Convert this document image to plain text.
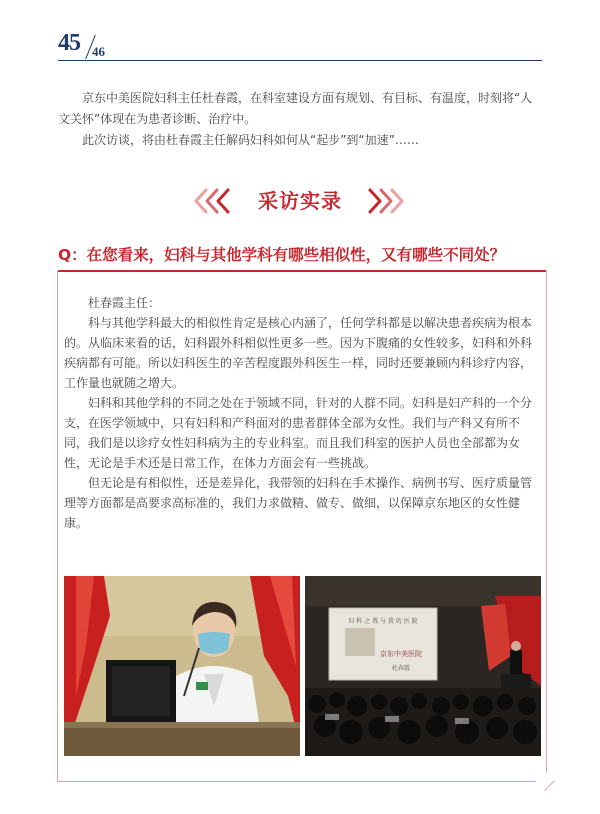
45 46

京东中美医院妇科主任杜春霞，在科室建设方面有规划、有目标、有温度，时刻将“人文关怀”体现在为患者诊断、治疗中。

此次访谈，将由杜春霞主任解码妇科如何从“起步”到“加速”……

采访实录
Q：在您看来，妇科与其他学科有哪些相似性，又有哪些不同处？

杜春霞主任：

科与其他学科最大的相似性肯定是核心内涵了，任何学科都是以解决患者疾病为根本的。从临床来看的话，妇科跟外科相似性更多一些。因为下腹痛的女性较多，妇科和外科疾病都有可能。所以妇科医生的辛苦程度跟外科医生一样，同时还要兼顾内科诊疗内容，工作量也就随之增大。

妇科和其他学科的不同之处在于领域不同，针对的人群不同。妇科是妇产科的一个分支，在医学领域中，只有妇科和产科面对的患者群体全部为女性。我们与产科又有所不同，我们是以诊疗女性妇科病为主的专业科室。而且我们科室的医护人员也全部都为女性，无论是手术还是日常工作，在体力方面会有一些挑战。

但无论是有相似性，还是差异化，我带领的妇科在手术操作、病例书写、医疗质量管理等方面都是高要求高标准的，我们力求做精、做专、做细，以保障京东地区的女性健康。

妇 科 之 我 与 我 的 医 院
京东中美医院
杜春霞
